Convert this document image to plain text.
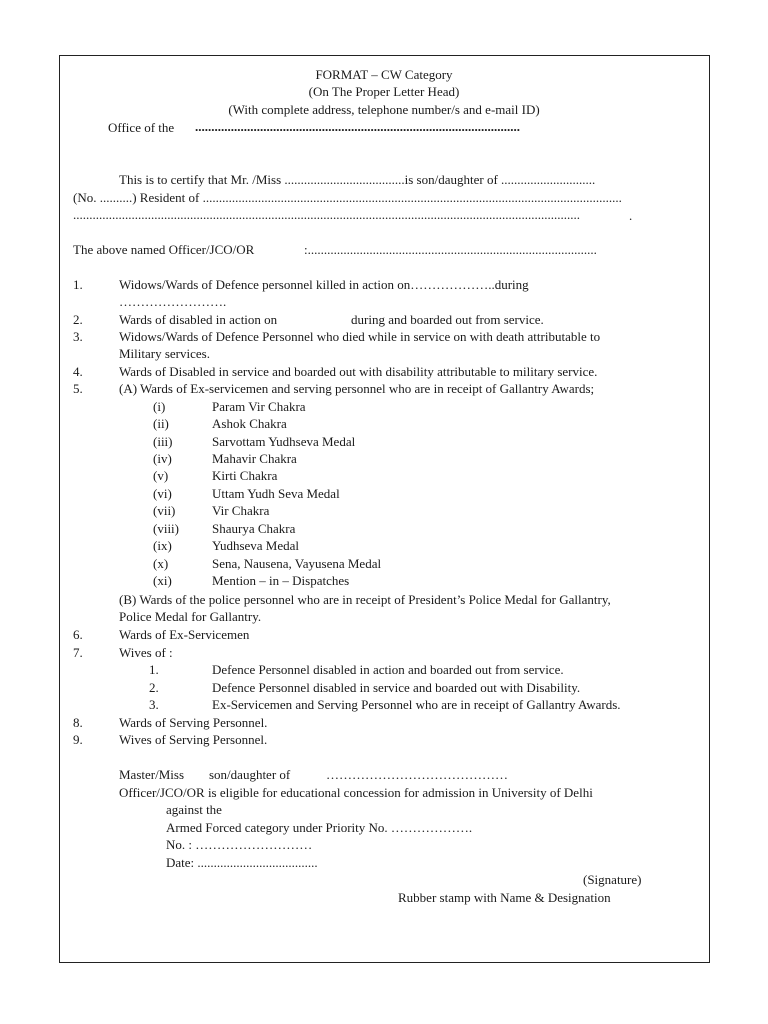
FORMAT – CW Category
(On The Proper Letter Head)
(With complete address, telephone number/s and e-mail ID)
Office of the ....................................................................................................
This is to certify that Mr. /Miss .....................................is son/daughter of .............................
(No. ..........) Resident of .................................................................................................................................
............................................................................................................................................................	.
The above named Officer/JCO/OR	:.........................................................................................
1.	Widows/Wards of Defence personnel killed in action on………………..during
…………………….
2.	Wards of disabled in action on	during and boarded out from service.
3.	Widows/Wards of Defence Personnel who died while in service on with death attributable to
Military services.
4.	Wards of Disabled in service and boarded out with disability attributable to military service.
5.	(A) Wards of Ex-servicemen and serving personnel who are in receipt of Gallantry Awards;
(i)	Param Vir Chakra
(ii)	Ashok Chakra
(iii)	Sarvottam Yudhseva Medal
(iv)	Mahavir Chakra
(v)	Kirti Chakra
(vi)	Uttam Yudh Seva Medal
(vii)	Vir Chakra
(viii)	Shaurya Chakra
(ix)	Yudhseva Medal
(x)	Sena, Nausena, Vayusena Medal
(xi)	Mention – in – Dispatches
(B) Wards of the police personnel who are in receipt of President’s Police Medal for Gallantry,
Police Medal for Gallantry.
6.	Wards of Ex-Servicemen
7.	Wives of :
1.	Defence Personnel disabled in action and boarded out from service.
2.	Defence Personnel disabled in service and boarded out with Disability.
3.	Ex-Servicemen and Serving Personnel who are in receipt of Gallantry Awards.
8.	Wards of Serving Personnel.
9.	Wives of Serving Personnel.
Master/Miss son/daughter of	……………………………………
Officer/JCO/OR is eligible for educational concession for admission in University of Delhi
against the
Armed Forced category under Priority No. ……………….
No. : ………………………
Date: .....................................
(Signature)
Rubber stamp with Name & Designation
